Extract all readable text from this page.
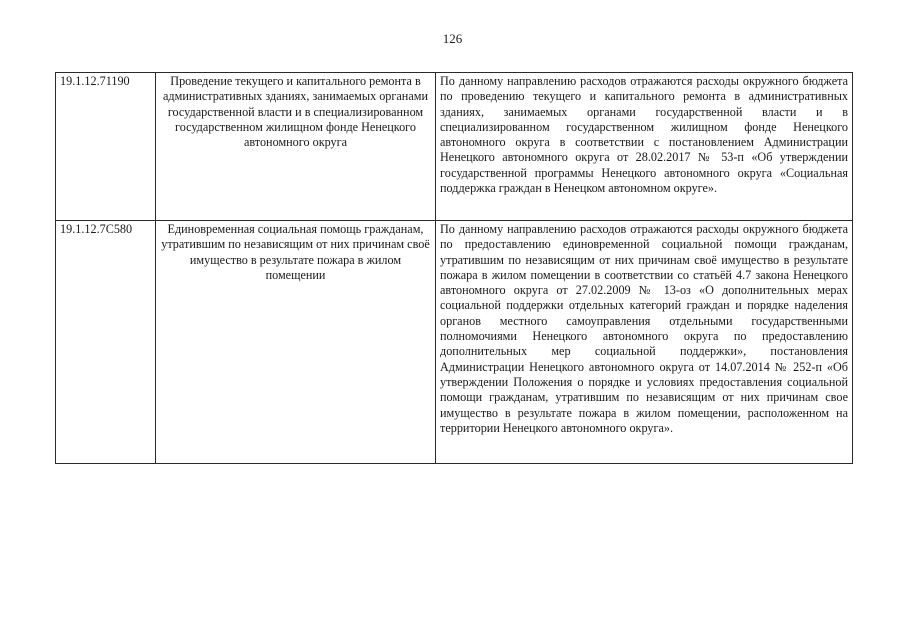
126
19.1.12.71190	Проведение текущего и капитального ремонта в административных зданиях, занимаемых органами государственной власти и в специализированном государственном жилищном фонде Ненецкого автономного округа	По данному направлению расходов отражаются расходы окружного бюджета по проведению текущего и капитального ремонта в административных зданиях, занимаемых органами государственной власти и в специализированном государственном жилищном фонде Ненецкого автономного округа в соответствии с постановлением Администрации Ненецкого автономного округа от 28.02.2017 № 53-п «Об утверждении государственной программы Ненецкого автономного округа «Социальная поддержка граждан в Ненецком автономном округе».
19.1.12.7С580	Единовременная социальная помощь гражданам, утратившим по независящим от них причинам своё имущество в результате пожара в жилом помещении	По данному направлению расходов отражаются расходы окружного бюджета по предоставлению единовременной социальной помощи гражданам, утратившим по независящим от них причинам своё имущество в результате пожара в жилом помещении в соответствии со статьёй 4.7 закона Ненецкого автономного округа от 27.02.2009 № 13-оз «О дополнительных мерах социальной поддержки отдельных категорий граждан и порядке наделения органов местного самоуправления отдельными государственными полномочиями Ненецкого автономного округа по предоставлению дополнительных мер социальной поддержки», постановления Администрации Ненецкого автономного округа от 14.07.2014 № 252-п «Об утверждении Положения о порядке и условиях предоставления социальной помощи гражданам, утратившим по независящим от них причинам свое имущество в результате пожара в жилом помещении, расположенном на территории Ненецкого автономного округа».
